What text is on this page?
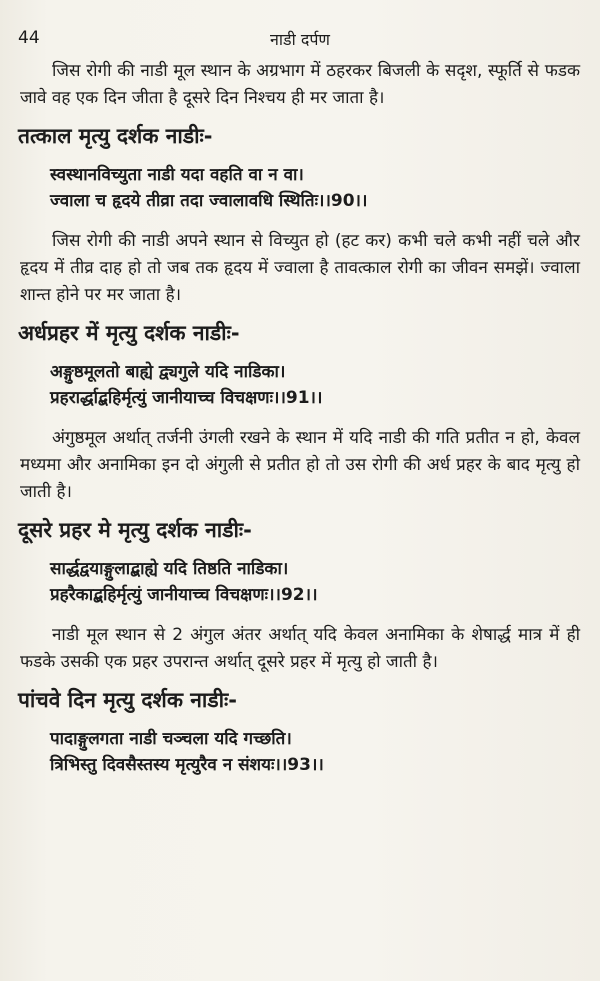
44	नाडी दर्पण

जिस रोगी की नाडी मूल स्थान के अग्रभाग में ठहरकर बिजली के सदृश, स्फूर्ति से फडक जावे वह एक दिन जीता है दूसरे दिन निश्चय ही मर जाता है।

तत्काल मृत्यु दर्शक नाडीः-
स्वस्थानविच्युता नाडी यदा वहति वा न वा।
ज्वाला च हृदये तीव्रा तदा ज्वालावधि स्थितिः।।90।।

जिस रोगी की नाडी अपने स्थान से विच्युत हो (हट कर) कभी चले कभी नहीं चले और हृदय में तीव्र दाह हो तो जब तक हृदय में ज्वाला है तावत्काल रोगी का जीवन समझें। ज्वाला शान्त होने पर मर जाता है।

अर्धप्रहर में मृत्यु दर्शक नाडीः-
अङ्गुष्ठमूलतो बाह्ये द्व्यगुले यदि नाडिका।
प्रहरार्द्धाद्बहिर्मृत्युं जानीयाच्च विचक्षणः।।91।।

अंगुष्ठमूल अर्थात् तर्जनी उंगली रखने के स्थान में यदि नाडी की गति प्रतीत न हो, केवल मध्यमा और अनामिका इन दो अंगुली से प्रतीत हो तो उस रोगी की अर्ध प्रहर के बाद मृत्यु हो जाती है।

दूसरे प्रहर मे मृत्यु दर्शक नाडीः-
सार्द्धद्वयाङ्गुलाद्बाह्ये यदि तिष्ठति नाडिका।
प्रहरैकाद्बहिर्मृत्युं जानीयाच्च विचक्षणः।।92।।

नाडी मूल स्थान से 2 अंगुल अंतर अर्थात् यदि केवल अनामिका के शेषार्द्ध मात्र में ही फडके उसकी एक प्रहर उपरान्त अर्थात् दूसरे प्रहर में मृत्यु हो जाती है।

पांचवे दिन मृत्यु दर्शक नाडीः-
पादाङ्गुलगता नाडी चञ्चला यदि गच्छति।
त्रिभिस्तु दिवसैस्तस्य मृत्युरैव न संशयः।।93।।
